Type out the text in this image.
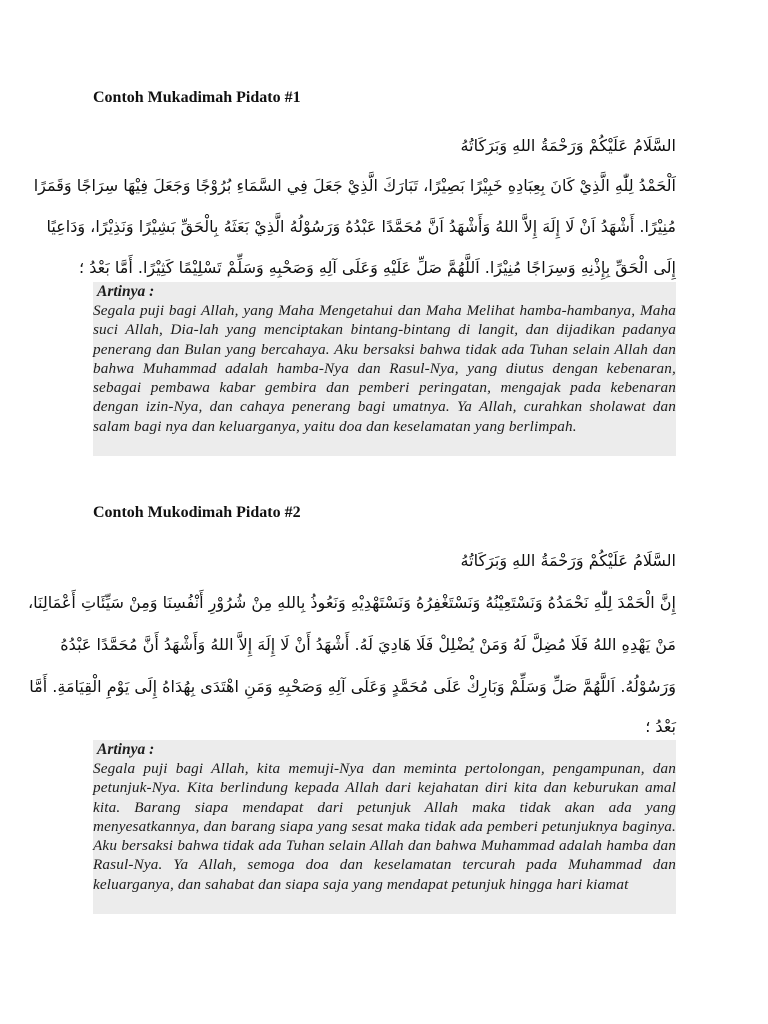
Contoh Mukadimah Pidato #1

السَّلَامُ عَلَيْكُمْ وَرَحْمَةُ اللهِ وَبَرَكَاتُهُ

اَلْحَمْدُ لِلّٰهِ الَّذِيْ كَانَ بِعِبَادِهِ خَبِيْرًا بَصِيْرًا، تَبَارَكَ الَّذِيْ جَعَلَ فِي السَّمَاءِ بُرُوْجًا وَجَعَلَ فِيْهَا سِرَاجًا وَقَمَرًا

مُنِيْرًا. أَشْهَدُ اَنْ لَا إِلَهَ إِلاَّ اللهُ وَأَشْهَدُ اَنَّ مُحَمَّدًا عَبْدُهُ وَرَسُوْلُهُ الَّذِيْ بَعَثَهُ بِالْحَقِّ بَشِيْرًا وَنَذِيْرًا، وَدَاعِيًا

إِلَى الْحَقِّ بِإِذْنِهِ وَسِرَاجًا مُنِيْرًا. اَللَّهُمَّ صَلِّ عَلَيْهِ وَعَلَى آلِهِ وَصَحْبِهِ وَسَلِّمْ تَسْلِيْمًا كَثِيْرًا. أَمَّا بَعْدُ ؛

Artinya :

Segala puji bagi Allah, yang Maha Mengetahui dan Maha Melihat hamba-hambanya, Maha suci Allah, Dia-lah yang menciptakan bintang-bintang di langit, dan dijadikan padanya penerang dan Bulan yang bercahaya. Aku bersaksi bahwa tidak ada Tuhan selain Allah dan bahwa Muhammad adalah hamba-Nya dan Rasul-Nya, yang diutus dengan kebenaran, sebagai pembawa kabar gembira dan pemberi peringatan, mengajak pada kebenaran dengan izin-Nya, dan cahaya penerang bagi umatnya. Ya Allah, curahkan sholawat dan salam bagi nya dan keluarganya, yaitu doa dan keselamatan yang berlimpah.

Contoh Mukodimah Pidato #2

السَّلَامُ عَلَيْكُمْ وَرَحْمَةُ اللهِ وَبَرَكَاتُهُ

إِنَّ الْحَمْدَ لِلّٰهِ نَحْمَدُهُ وَنَسْتَعِيْنُهُ وَنَسْتَغْفِرُهُ وَنَسْتَهْدِيْهِ وَنَعُوذُ بِاللهِ مِنْ شُرُوْرِ أَنْفُسِنَا وَمِنْ سَيِّئَاتِ أَعْمَالِنَا،

مَنْ يَهْدِهِ اللهُ فَلَا مُضِلَّ لَهُ وَمَنْ يُضْلِلْ فَلَا هَادِيَ لَهُ. أَشْهَدُ أَنْ لَا إِلَهَ إِلاَّ اللهُ وَأَشْهَدُ أَنَّ مُحَمَّدًا عَبْدُهُ

وَرَسُوْلُهُ. اَللَّهُمَّ صَلِّ وَسَلِّمْ وَبَارِكْ عَلَى مُحَمَّدٍ وَعَلَى آلِهِ وَصَحْبِهِ وَمَنِ اهْتَدَى بِهُدَاهُ إِلَى يَوْمِ الْقِيَامَةِ. أَمَّا

بَعْدُ ؛

Artinya :

Segala puji bagi Allah, kita memuji-Nya dan meminta pertolongan, pengampunan, dan petunjuk-Nya. Kita berlindung kepada Allah dari kejahatan diri kita dan keburukan amal kita. Barang siapa mendapat dari petunjuk Allah maka tidak akan ada yang menyesatkannya, dan barang siapa yang sesat maka tidak ada pemberi petunjuknya baginya. Aku bersaksi bahwa tidak ada Tuhan selain Allah dan bahwa Muhammad adalah hamba dan Rasul-Nya. Ya Allah, semoga doa dan keselamatan tercurah pada Muhammad dan keluarganya, dan sahabat dan siapa saja yang mendapat petunjuk hingga hari kiamat
